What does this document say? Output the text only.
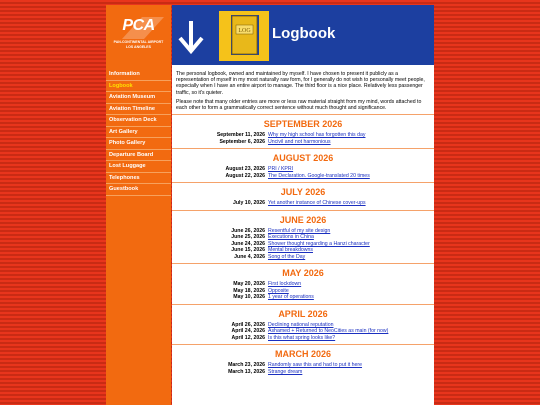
PCA
PAN-CONTINENTAL AIRPORT
LOS ANGELES
Information
Logbook
Aviation Museum
Aviation Timeline
Observation Deck
Art Gallery
Photo Gallery
Departure Board
Lost Luggage
Telephones
Guestbook
LOG Logbook

The personal logbook, owned and maintained by myself. I have chosen to present it publicly as a representation of myself in my most naturally raw form, for I generally do not wish to personally meet people, especially when I have an entire airport to manage. The third floor is a nice place. Relatively less passenger traffic, so it's quieter.

Please note that many older entries are more or less raw material straight from my mind, words attached to each other to form a grammatically correct sentence without much thought and significance.

SEPTEMBER 2026
September 11, 2026 Why my high school has forgotten this day
September 6, 2026 Uncivil and not harmonious
AUGUST 2026
August 23, 2026 PRI / KPRI
August 22, 2026 The Declaration. Google-translated 20 times
JULY 2026
July 10, 2026 Yet another instance of Chinese cover-ups
JUNE 2026
June 26, 2026 Resentful of my site design
June 25, 2026 Executions in China
June 24, 2026 Shower thought regarding a Hanzi character
June 15, 2026 Mental breakdowns
June 4, 2026 Song of the Day
MAY 2026
May 20, 2026 First lockdown
May 18, 2026 Opposite
May 10, 2026 1 year of operations
APRIL 2026
April 26, 2026 Declining national reputation
April 24, 2026 Ashamed + Returned to NeoCities as main (for now)
April 12, 2026 Is this what spring looks like?
MARCH 2026
March 23, 2026 Randomly saw this and had to put it here
March 13, 2026 Strange dream
